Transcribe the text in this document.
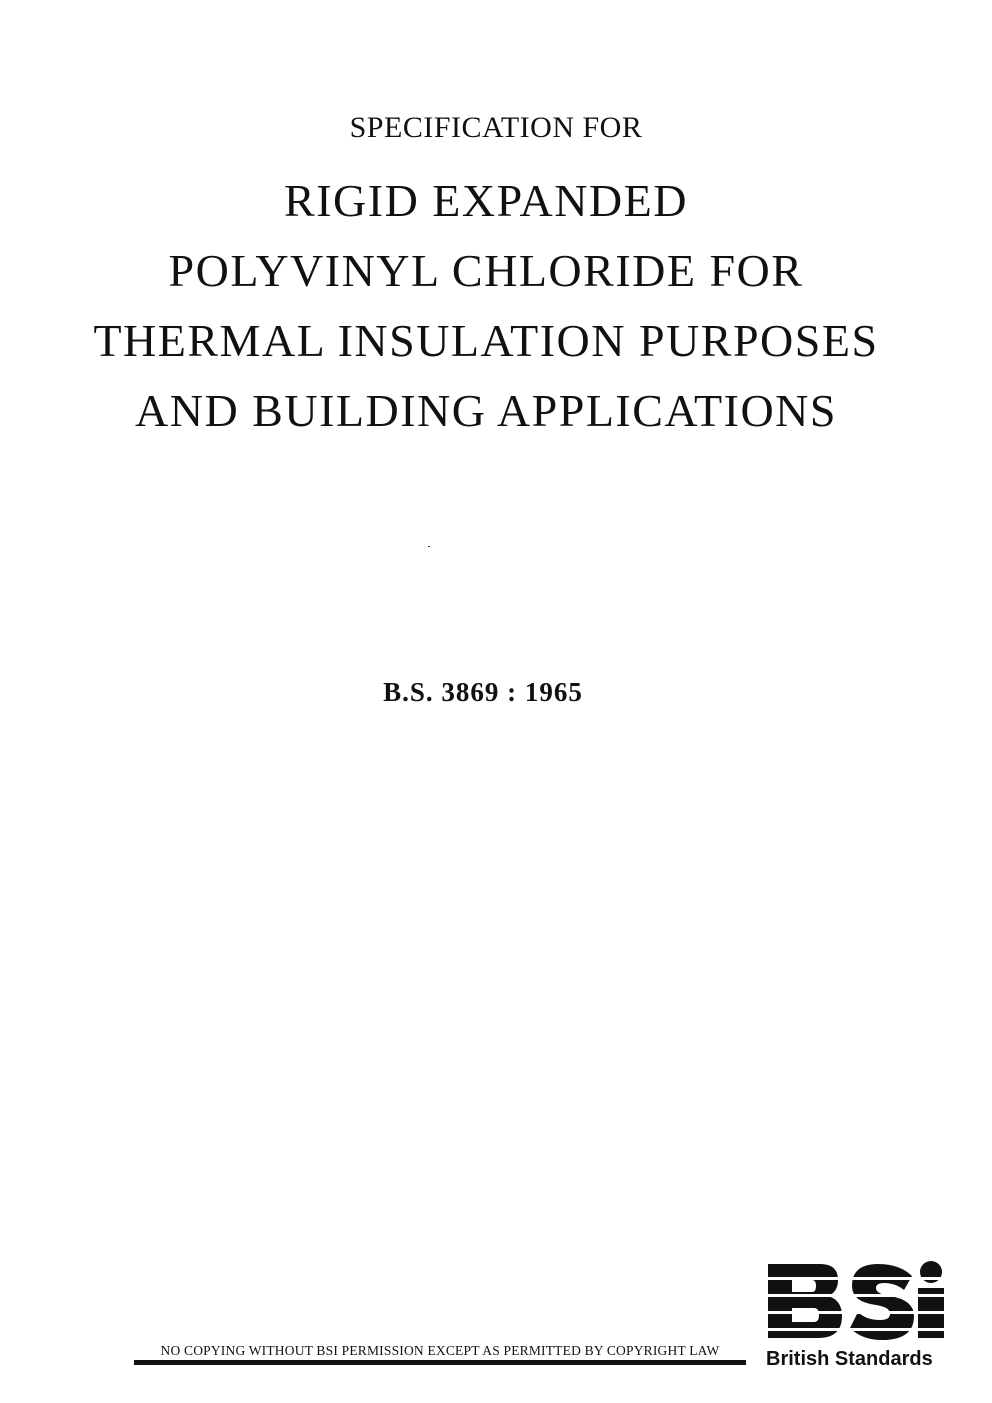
SPECIFICATION FOR
RIGID EXPANDED
POLYVINYL CHLORIDE FOR
THERMAL INSULATION PURPOSES
AND BUILDING APPLICATIONS
B.S. 3869 : 1965
NO COPYING WITHOUT BSI PERMISSION EXCEPT AS PERMITTED BY COPYRIGHT LAW	British Standards
